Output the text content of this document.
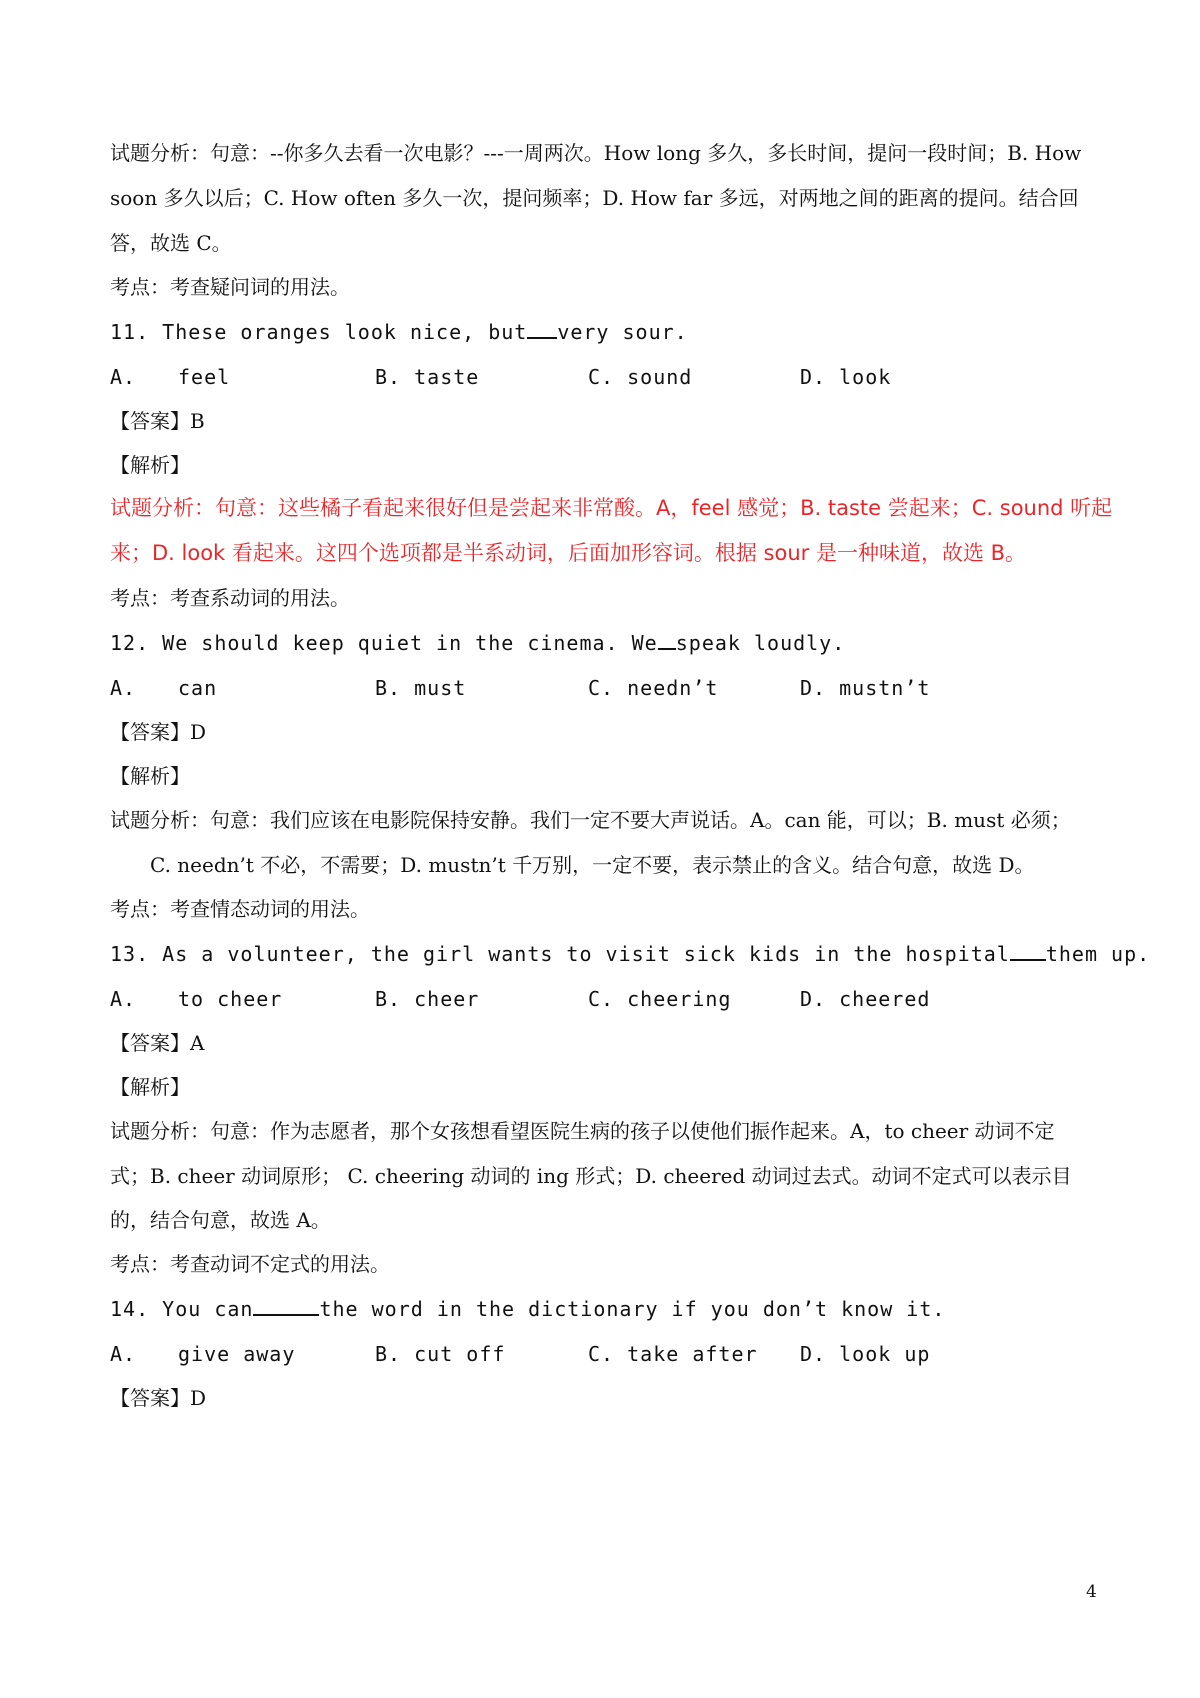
试题分析：句意：--你多久去看一次电影？---一周两次。How long 多久，多长时间，提问一段时间；B. How
soon 多久以后；C. How often 多久一次，提问频率；D. How far 多远，对两地之间的距离的提问。结合回
答，故选 C。
考点：考查疑问词的用法。
11. These oranges look nice, but very sour.
A. feel	B. taste	C. sound	D. look
【答案】B
【解析】
试题分析：句意：这些橘子看起来很好但是尝起来非常酸。A，feel 感觉；B. taste 尝起来；C. sound 听起
来；D. look 看起来。这四个选项都是半系动词，后面加形容词。根据 sour 是一种味道，故选 B。
考点：考查系动词的用法。
12. We should keep quiet in the cinema. We speak loudly.
A. can	B. must	C. needn’t	D. mustn’t
【答案】D
【解析】
试题分析：句意：我们应该在电影院保持安静。我们一定不要大声说话。A。can 能，可以；B. must 必须；
C. needn’t 不必，不需要；D. mustn’t 千万别，一定不要，表示禁止的含义。结合句意，故选 D。
考点：考查情态动词的用法。
13. As a volunteer, the girl wants to visit sick kids in the hospital them up.
A. to cheer	B. cheer	C. cheering	D. cheered
【答案】A
【解析】
试题分析：句意：作为志愿者，那个女孩想看望医院生病的孩子以使他们振作起来。A，to cheer 动词不定
式；B. cheer 动词原形； C. cheering 动词的 ing 形式；D. cheered 动词过去式。动词不定式可以表示目
的，结合句意，故选 A。
考点：考查动词不定式的用法。
14. You can	the word in the dictionary if you don’t know it.
A. give away	B. cut off	C. take after D. look up
【答案】D
4
